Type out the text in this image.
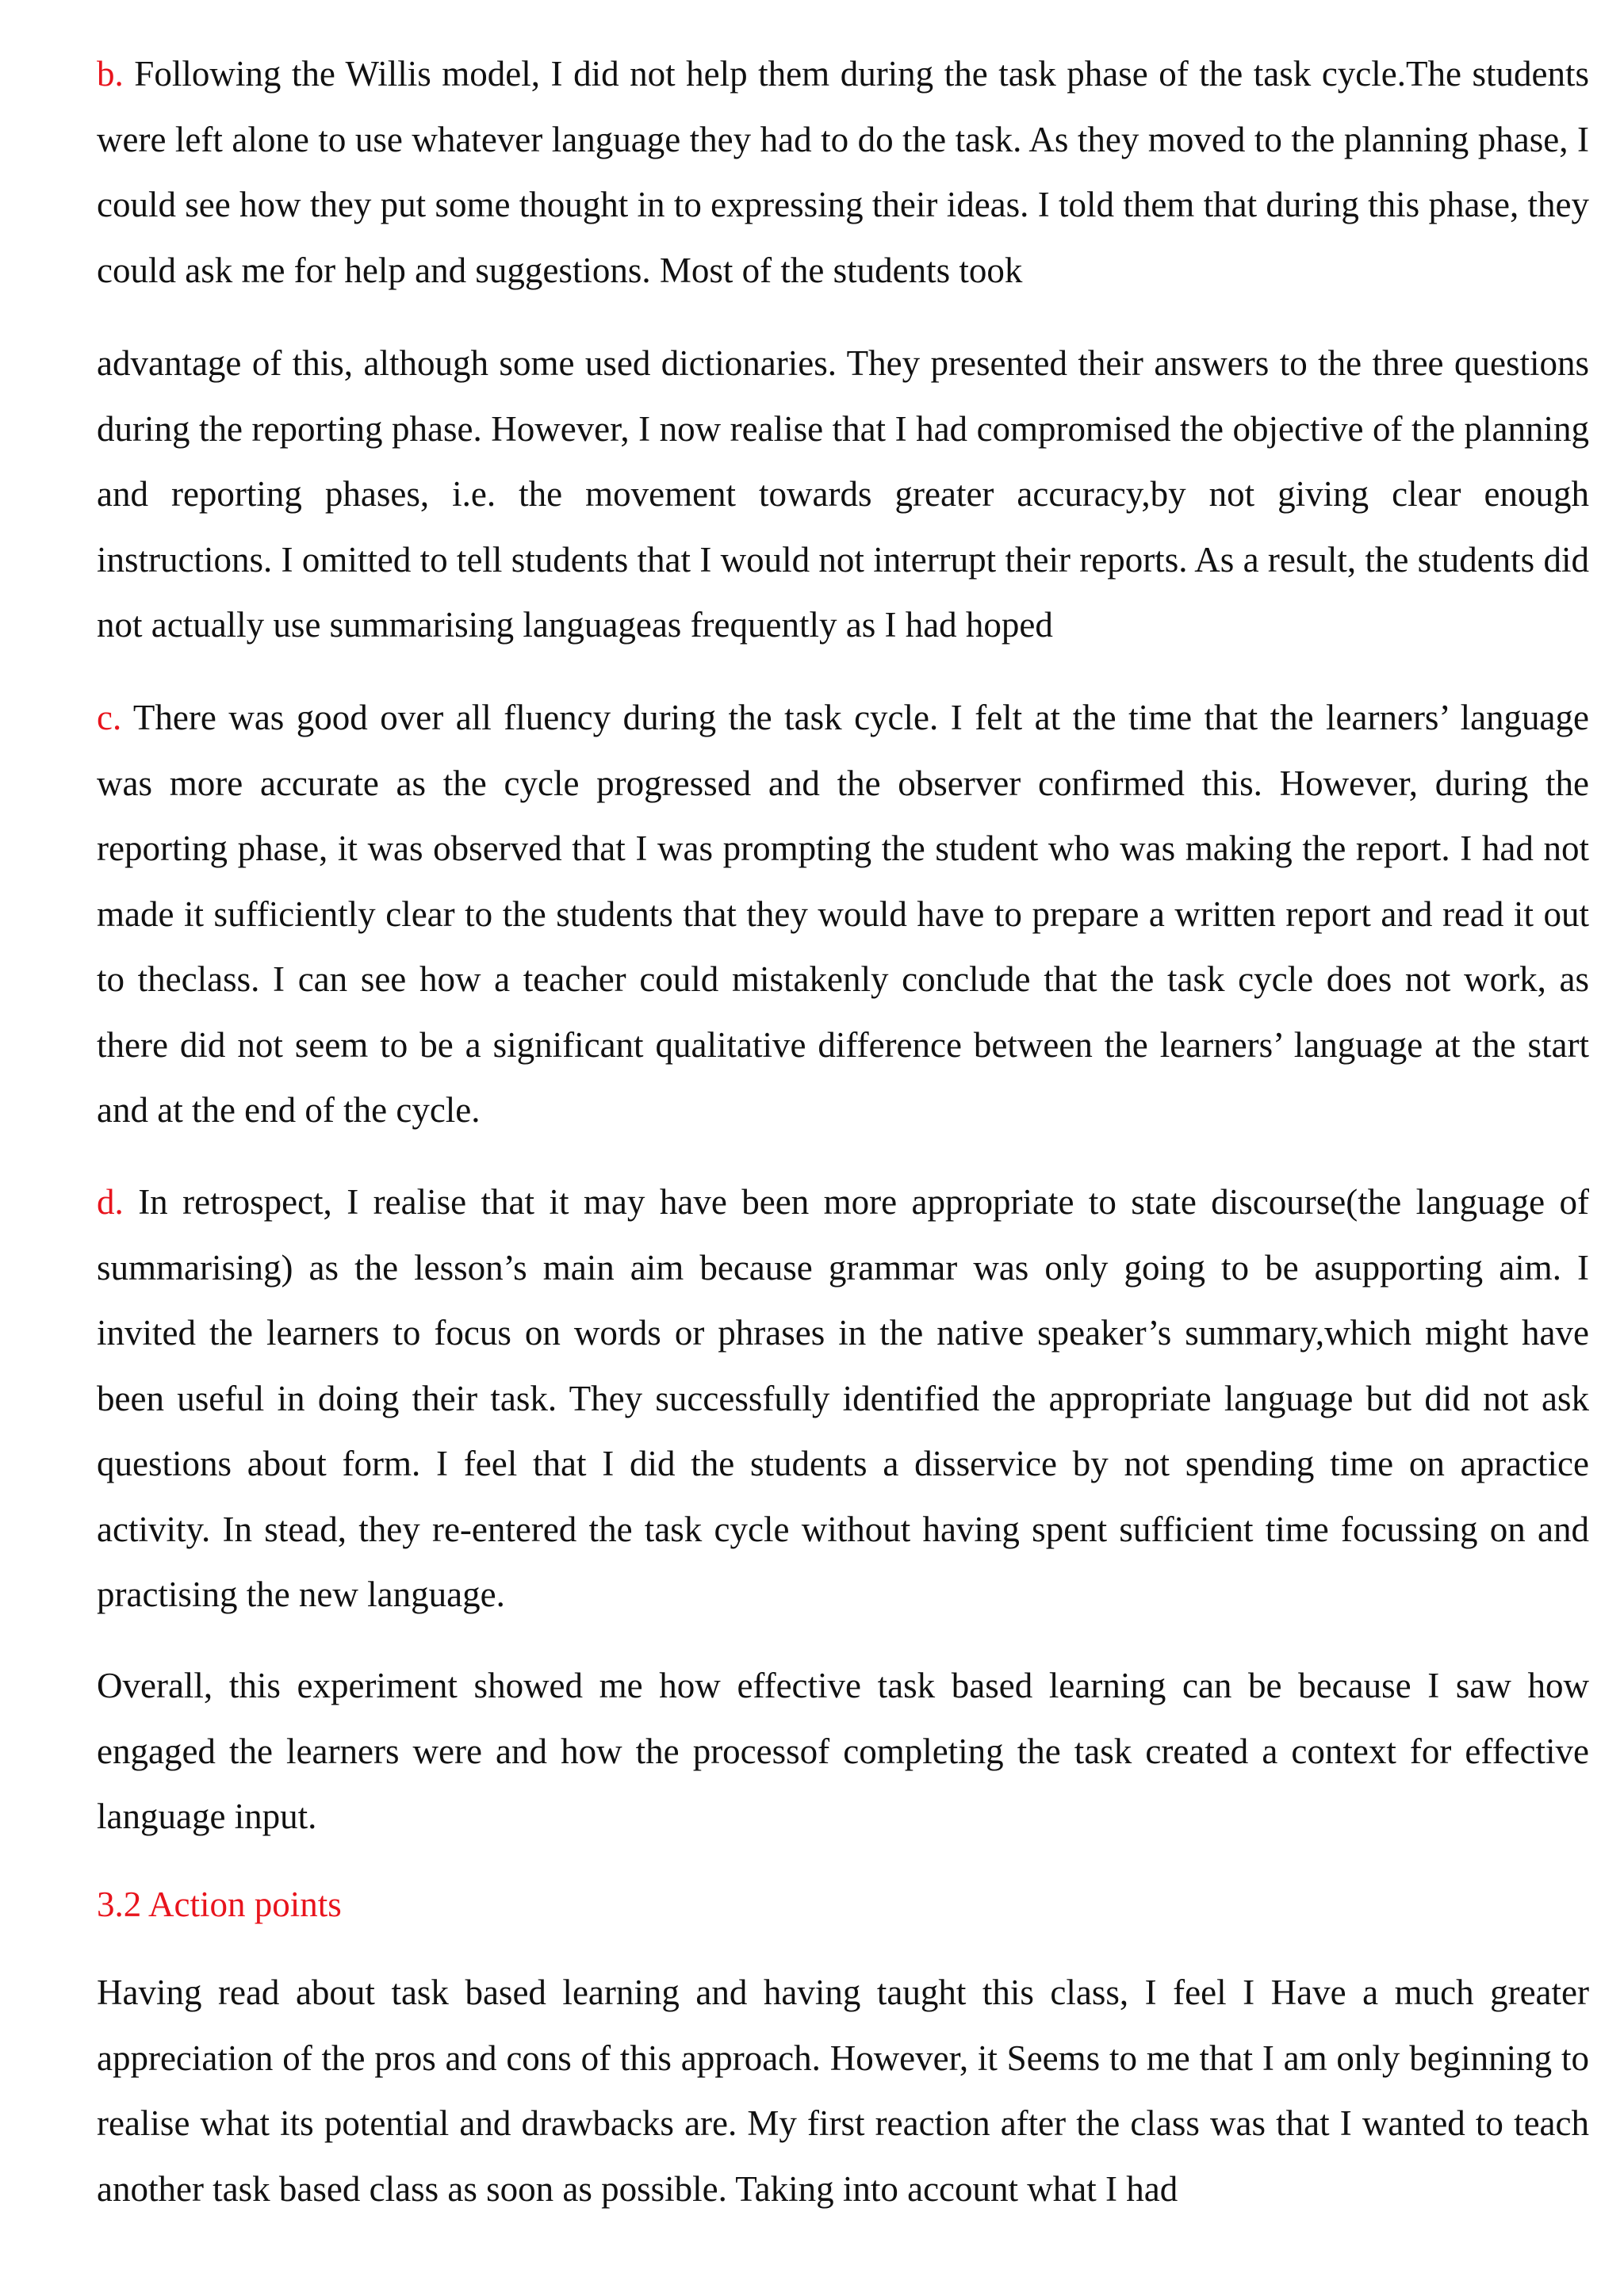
b. Following the Willis model, I did not help them during the task phase of the task cycle.The students were left alone to use whatever language they had to do the task. As they moved to the planning phase, I could see how they put some thought in to expressing their ideas. I told them that during this phase, they could ask me for help and suggestions. Most of the students took

advantage of this, although some used dictionaries. They presented their answers to the three questions during the reporting phase. However, I now realise that I had compromised the objective of the planning and reporting phases, i.e. the movement towards greater accuracy,by not giving clear enough instructions. I omitted to tell students that I would not interrupt their reports. As a result, the students did not actually use summarising languageas frequently as I had hoped

c. There was good over all fluency during the task cycle. I felt at the time that the learners’ language was more accurate as the cycle progressed and the observer confirmed this. However, during the reporting phase, it was observed that I was prompting the student who was making the report. I had not made it sufficiently clear to the students that they would have to prepare a written report and read it out to theclass. I can see how a teacher could mistakenly conclude that the task cycle does not work, as there did not seem to be a significant qualitative difference between the learners’ language at the start and at the end of the cycle.

d. In retrospect, I realise that it may have been more appropriate to state discourse(the language of summarising) as the lesson’s main aim because grammar was only going to be asupporting aim. I invited the learners to focus on words or phrases in the native speaker’s summary,which might have been useful in doing their task. They successfully identified the appropriate language but did not ask questions about form. I feel that I did the students a disservice by not spending time on apractice activity. In stead, they re-entered the task cycle without having spent sufficient time focussing on and practising the new language.

Overall, this experiment showed me how effective task based learning can be because I saw how engaged the learners were and how the processof completing the task created a context for effective language input.

3.2 Action points

Having read about task based learning and having taught this class, I feel I Have a much greater appreciation of the pros and cons of this approach. However, it Seems to me that I am only beginning to realise what its potential and drawbacks are. My first reaction after the class was that I wanted to teach another task based class as soon as possible. Taking into account what I had
